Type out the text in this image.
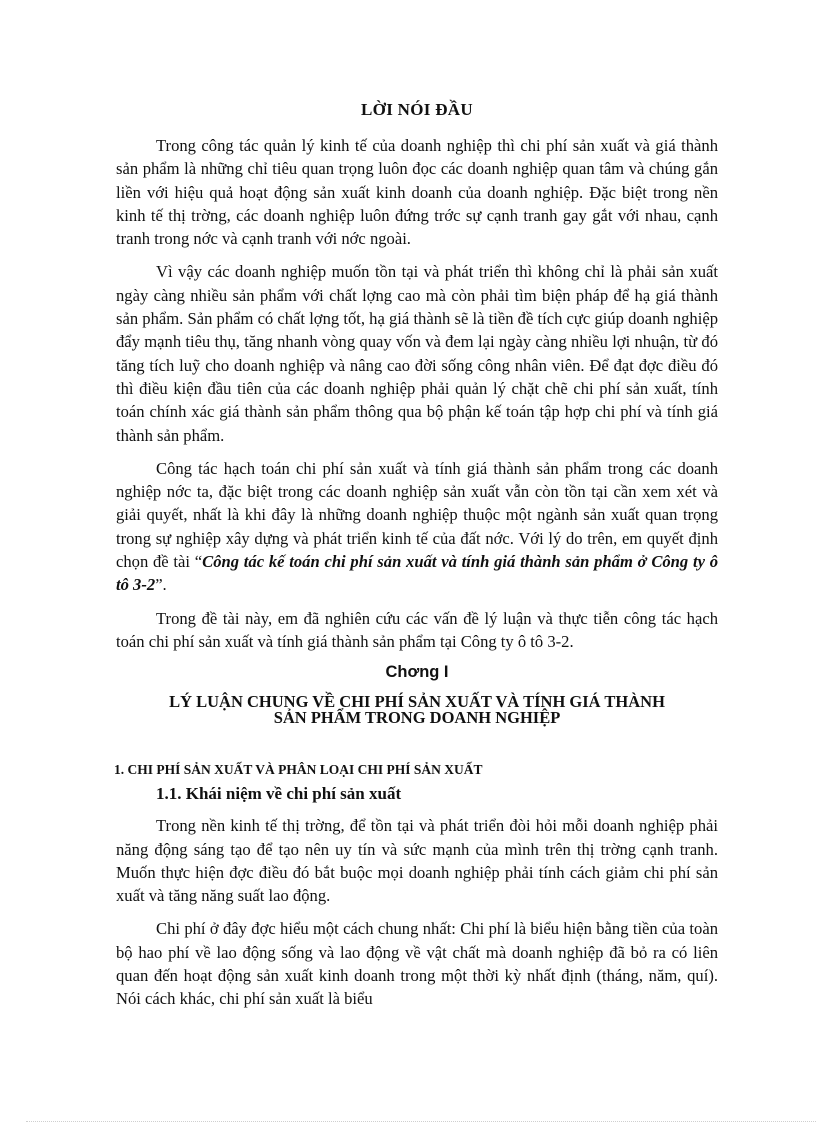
LỜI NÓI ĐẦU

Trong công tác quản lý kinh tế của doanh nghiệp thì chi phí sản xuất và giá thành sản phẩm là những chỉ tiêu quan trọng luôn đọc các doanh nghiệp quan tâm và chúng gắn liền với hiệu quả hoạt động sản xuất kinh doanh của doanh nghiệp. Đặc biệt trong nền kinh tế thị trờng, các doanh nghiệp luôn đứng trớc sự cạnh tranh gay gắt với nhau, cạnh tranh trong nớc và cạnh tranh với nớc ngoài.

Vì vậy các doanh nghiệp muốn tồn tại và phát triển thì không chỉ là phải sản xuất ngày càng nhiều sản phẩm với chất lợng cao mà còn phải tìm biện pháp để hạ giá thành sản phẩm. Sản phẩm có chất lợng tốt, hạ giá thành sẽ là tiền đề tích cực giúp doanh nghiệp đẩy mạnh tiêu thụ, tăng nhanh vòng quay vốn và đem lại ngày càng nhiều lợi nhuận, từ đó tăng tích luỹ cho doanh nghiệp và nâng cao đời sống công nhân viên. Để đạt đợc điều đó thì điều kiện đầu tiên của các doanh nghiệp phải quản lý chặt chẽ chi phí sản xuất, tính toán chính xác giá thành sản phẩm thông qua bộ phận kế toán tập hợp chi phí và tính giá thành sản phẩm.

Công tác hạch toán chi phí sản xuất và tính giá thành sản phẩm trong các doanh nghiệp nớc ta, đặc biệt trong các doanh nghiệp sản xuất vẫn còn tồn tại cần xem xét và giải quyết, nhất là khi đây là những doanh nghiệp thuộc một ngành sản xuất quan trọng trong sự nghiệp xây dựng và phát triển kinh tế của đất nớc. Với lý do trên, em quyết định chọn đề tài “Công tác kế toán chi phí sản xuất và tính giá thành sản phẩm ở Công ty ô tô 3-2”.

Trong đề tài này, em đã nghiên cứu các vấn đề lý luận và thực tiễn công tác hạch toán chi phí sản xuất và tính giá thành sản phẩm tại Công ty ô tô 3-2.

Chơng I
LÝ LUẬN CHUNG VỀ CHI PHÍ SẢN XUẤT VÀ TÍNH GIÁ THÀNH
SẢN PHẨM TRONG DOANH NGHIỆP
1. CHI PHÍ SẢN XUẤT VÀ PHÂN LOẠI CHI PHÍ SẢN XUẤT
1.1. Khái niệm về chi phí sản xuất

Trong nền kinh tế thị trờng, để tồn tại và phát triển đòi hỏi mỗi doanh nghiệp phải năng động sáng tạo để tạo nên uy tín và sức mạnh của mình trên thị trờng cạnh tranh. Muốn thực hiện đợc điều đó bắt buộc mọi doanh nghiệp phải tính cách giảm chi phí sản xuất và tăng năng suất lao động.

Chi phí ở đây đợc hiểu một cách chung nhất: Chi phí là biểu hiện bằng tiền của toàn bộ hao phí về lao động sống và lao động về vật chất mà doanh nghiệp đã bỏ ra có liên quan đến hoạt động sản xuất kinh doanh trong một thời kỳ nhất định (tháng, năm, quí). Nói cách khác, chi phí sản xuất là biểu
